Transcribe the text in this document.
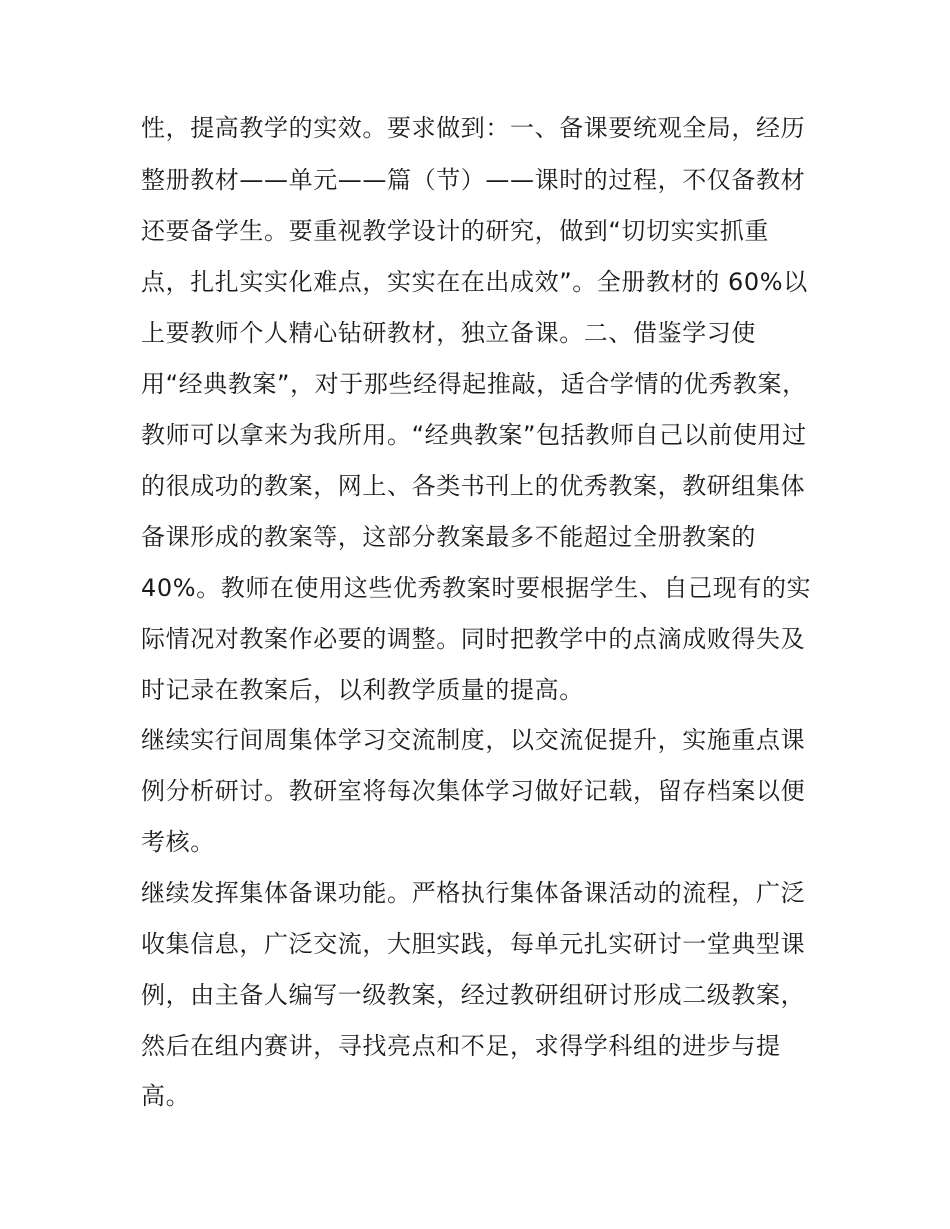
性，提高教学的实效。要求做到：一、备课要统观全局，经历
整册教材——单元——篇（节）——课时的过程，不仅备教材
还要备学生。要重视教学设计的研究，做到“切切实实抓重
点，扎扎实实化难点，实实在在出成效”。全册教材的 60%以
上要教师个人精心钻研教材，独立备课。二、借鉴学习使
用“经典教案”，对于那些经得起推敲，适合学情的优秀教案，
教师可以拿来为我所用。“经典教案”包括教师自己以前使用过
的很成功的教案，网上、各类书刊上的优秀教案，教研组集体
备课形成的教案等，这部分教案最多不能超过全册教案的
40%。教师在使用这些优秀教案时要根据学生、自己现有的实
际情况对教案作必要的调整。同时把教学中的点滴成败得失及
时记录在教案后，以利教学质量的提高。
继续实行间周集体学习交流制度，以交流促提升，实施重点课
例分析研讨。教研室将每次集体学习做好记载，留存档案以便
考核。
继续发挥集体备课功能。严格执行集体备课活动的流程，广泛
收集信息，广泛交流，大胆实践，每单元扎实研讨一堂典型课
例，由主备人编写一级教案，经过教研组研讨形成二级教案，
然后在组内赛讲，寻找亮点和不足，求得学科组的进步与提
高。
